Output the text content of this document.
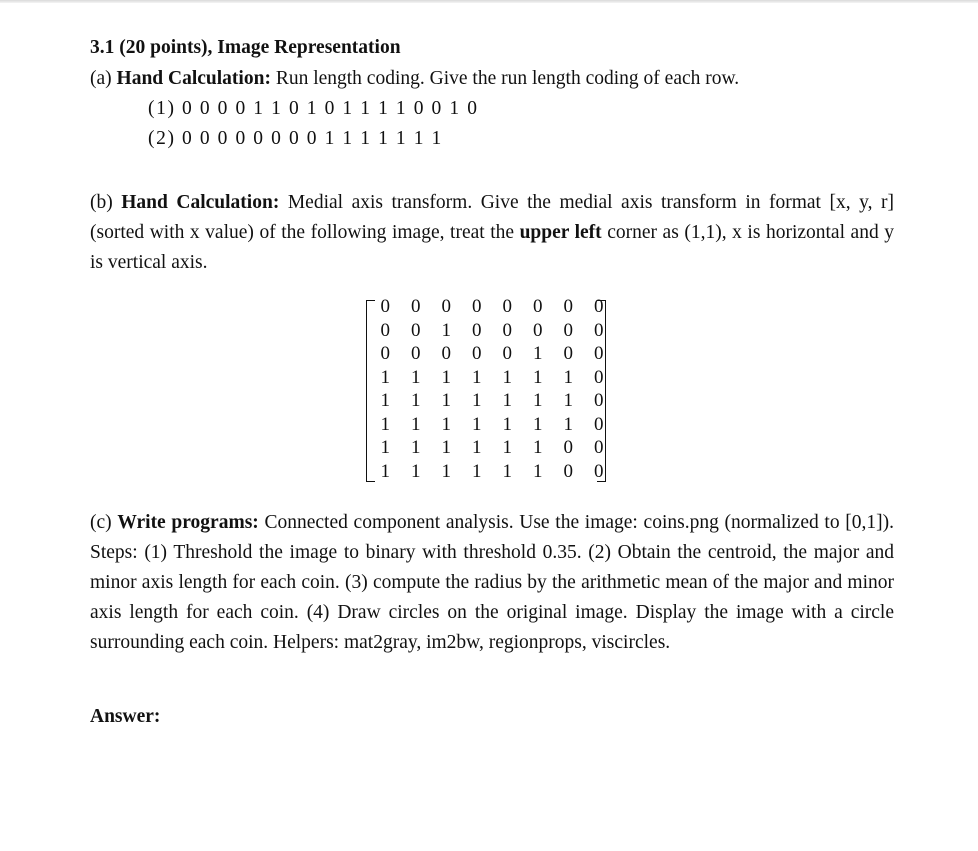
3.1 (20 points), Image Representation

(a) Hand Calculation: Run length coding. Give the run length coding of each row.

(1) 0 0 0 0 1 1 0 1 0 1 1 1 1 0 0 1 0
(2) 0 0 0 0 0 0 0 0 1 1 1 1 1 1 1

(b) Hand Calculation: Medial axis transform. Give the medial axis transform in format [x, y, r] (sorted with x value) of the following image, treat the upper left corner as (1,1), x is horizontal and y is vertical axis.

0	0	0	0	0	0	0	0
0	0	1	0	0	0	0	0
0	0	0	0	0	1	0	0
1	1	1	1	1	1	1	0
1	1	1	1	1	1	1	0
1	1	1	1	1	1	1	0
1	1	1	1	1	1	0	0
1	1	1	1	1	1	0	0

(c) Write programs: Connected component analysis. Use the image: coins.png (normalized to [0,1]). Steps: (1) Threshold the image to binary with threshold 0.35. (2) Obtain the centroid, the major and minor axis length for each coin. (3) compute the radius by the arithmetic mean of the major and minor axis length for each coin. (4) Draw circles on the original image. Display the image with a circle surrounding each coin. Helpers: mat2gray, im2bw, regionprops, viscircles.

Answer:
